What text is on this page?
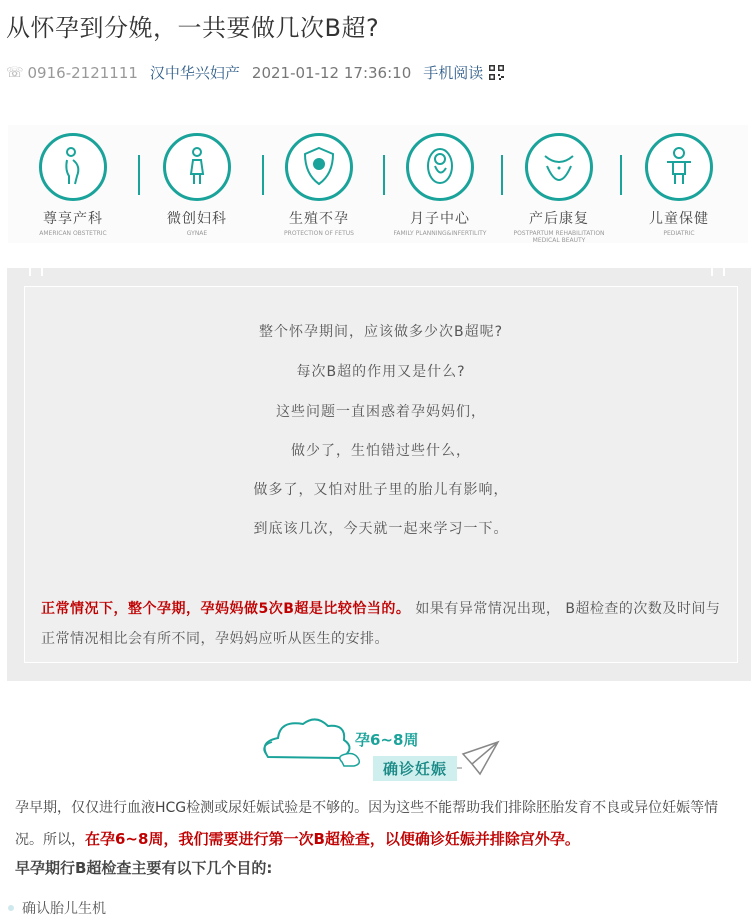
从怀孕到分娩，一共要做几次B超?
☏ 0916-2121111 汉中华兴妇产 2021-01-12 17:36:10 手机阅读
尊享产科
AMERICAN OBSTETRIC
微创妇科
GYNAE
生殖不孕
PROTECTION OF FETUS
月子中心
FAMILY PLANNING&INFERTILITY
产后康复
POSTPARTUM REHABILITATION MEDICAL BEAUTY
儿童保健
PEDIATRIC
整个怀孕期间，应该做多少次B超呢?
每次B超的作用又是什么?
这些问题一直困惑着孕妈妈们，
做少了，生怕错过些什么，
做多了，又怕对肚子里的胎儿有影响，
到底该几次，今天就一起来学习一下。
正常情况下，整个孕期，孕妈妈做5次B超是比较恰当的。 如果有异常情况出现， B超检查的次数及时间与正常情况相比会有所不同，孕妈妈应听从医生的安排。
孕6~8周
确诊妊娠
孕早期，仅仅进行血液HCG检测或尿妊娠试验是不够的。因为这些不能帮助我们排除胚胎发育不良或异位妊娠等情况。所以，在孕6~8周，我们需要进行第一次B超检查，以便确诊妊娠并排除宫外孕。
早孕期行B超检查主要有以下几个目的:
确认胎儿生机
